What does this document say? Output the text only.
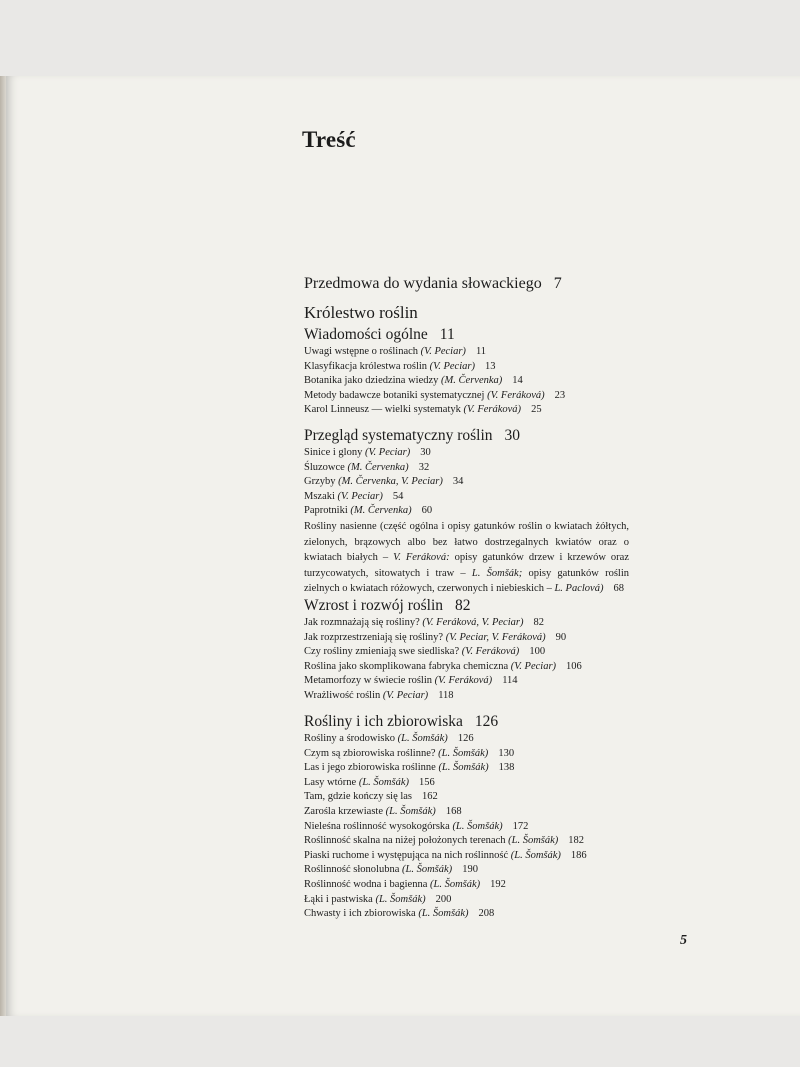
Treść
Przedmowa do wydania słowackiego 7
Królestwo roślin
Wiadomości ogólne 11
Uwagi wstępne o roślinach (V. Peciar) 11
Klasyfikacja królestwa roślin (V. Peciar) 13
Botanika jako dziedzina wiedzy (M. Červenka) 14
Metody badawcze botaniki systematycznej (V. Feráková) 23
Karol Linneusz — wielki systematyk (V. Feráková) 25
Przegląd systematyczny roślin 30
Sinice i glony (V. Peciar) 30
Śluzowce (M. Červenka) 32
Grzyby (M. Červenka, V. Peciar) 34
Mszaki (V. Peciar) 54
Paprotniki (M. Červenka) 60
Rośliny nasienne (część ogólna i opisy gatunków roślin o kwiatach żółtych, zielonych, brązowych albo bez łatwo dostrzegalnych kwiatów oraz o kwiatach białych – V. Feráková: opisy gatunków drzew i krzewów oraz turzycowatych, sitowatych i traw – L. Šomšák; opisy gatunków roślin zielnych o kwiatach różowych, czerwonych i niebieskich – L. Paclová) 68
Wzrost i rozwój roślin 82
Jak rozmnażają się rośliny? (V. Feráková, V. Peciar) 82
Jak rozprzestrzeniają się rośliny? (V. Peciar, V. Feráková) 90
Czy rośliny zmieniają swe siedliska? (V. Feráková) 100
Roślina jako skomplikowana fabryka chemiczna (V. Peciar) 106
Metamorfozy w świecie roślin (V. Feráková) 114
Wrażliwość roślin (V. Peciar) 118
Rośliny i ich zbiorowiska 126
Rośliny a środowisko (L. Šomšák) 126
Czym są zbiorowiska roślinne? (L. Šomšák) 130
Las i jego zbiorowiska roślinne (L. Šomšák) 138
Lasy wtórne (L. Šomšák) 156
Tam, gdzie kończy się las 162
Zarośla krzewiaste (L. Šomšák) 168
Nieleśna roślinność wysokogórska (L. Šomšák) 172
Roślinność skalna na niżej położonych terenach (L. Šomšák) 182
Piaski ruchome i występująca na nich roślinność (L. Šomšák) 186
Roślinność słonolubna (L. Šomšák) 190
Roślinność wodna i bagienna (L. Šomšák) 192
Łąki i pastwiska (L. Šomšák) 200
Chwasty i ich zbiorowiska (L. Šomšák) 208
5
